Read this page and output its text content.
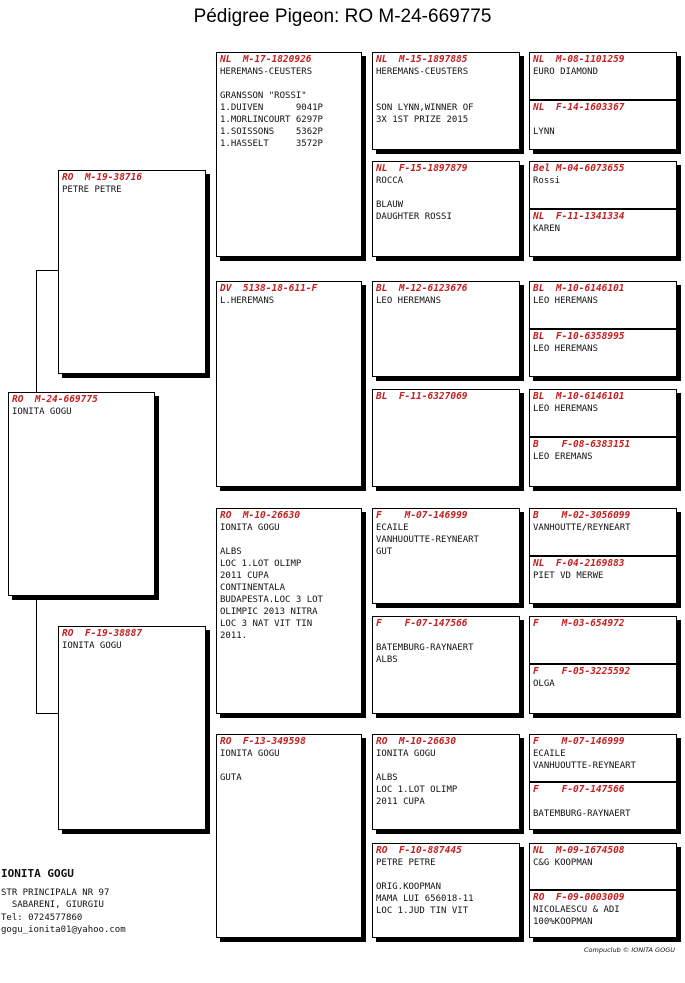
Pédigree Pigeon: RO M-24-669775
RO  M-24-669775
IONITA GOGU
RO  M-19-38716
PETRE PETRE
RO  F-19-38887
IONITA GOGU
NL  M-17-1820926
HEREMANS-CEUSTERS

GRANSSON "ROSSI"
1.DUIVEN      9041P
1.MORLINCOURT 6297P
1.SOISSONS    5362P
1.HASSELT     3572P
DV  5138-18-611-F
L.HEREMANS
RO  M-10-26630
IONITA GOGU

ALBS
LOC 1.LOT OLIMP
2011 CUPA
CONTINENTALA
BUDAPESTA.LOC 3 LOT
OLIMPIC 2013 NITRA
LOC 3 NAT VIT TIN
2011.
RO  F-13-349598
IONITA GOGU

GUTA
NL  M-15-1897885
HEREMANS-CEUSTERS

SON LYNN,WINNER OF
3X 1ST PRIZE 2015
NL  F-15-1897879
ROCCA

BLAUW
DAUGHTER ROSSI
BL  M-12-6123676
LEO HEREMANS
BL  F-11-6327069
F    M-07-146999
ECAILE
VANHUOUTTE-REYNEART
GUT
F    F-07-147566

BATEMBURG-RAYNAERT
ALBS
RO  M-10-26630
IONITA GOGU

ALBS
LOC 1.LOT OLIMP
2011 CUPA
RO  F-10-887445
PETRE PETRE

ORIG.KOOPMAN
MAMA LUI 656018-11
LOC 1.JUD TIN VIT
NL  M-08-1101259
EURO DIAMOND
NL  F-14-1603367

LYNN
Bel M-04-6073655
Rossi
NL  F-11-1341334
KAREN
BL  M-10-6146101
LEO HEREMANS
BL  F-10-6358995
LEO HEREMANS
BL  M-10-6146101
LEO HEREMANS
B    F-08-6383151
LEO EREMANS
B    M-02-3056099
VANHOUTTE/REYNEART
NL  F-04-2169883
PIET VD MERWE
F    M-03-654972
F    F-05-3225592
OLGA
F    M-07-146999
ECAILE
VANHUOUTTE-REYNEART
F    F-07-147566

BATEMBURG-RAYNAERT
NL  M-09-1674508
C&G KOOPMAN
RO  F-09-0003009
NICOLAESCU & ADI
100%KOOPMAN
IONITA GOGU
STR PRINCIPALA NR 97
SABARENI, GIURGIU
Tel: 0724577860
gogu_ionita01@yahoo.com
Compuclub © IONITA GOGU
